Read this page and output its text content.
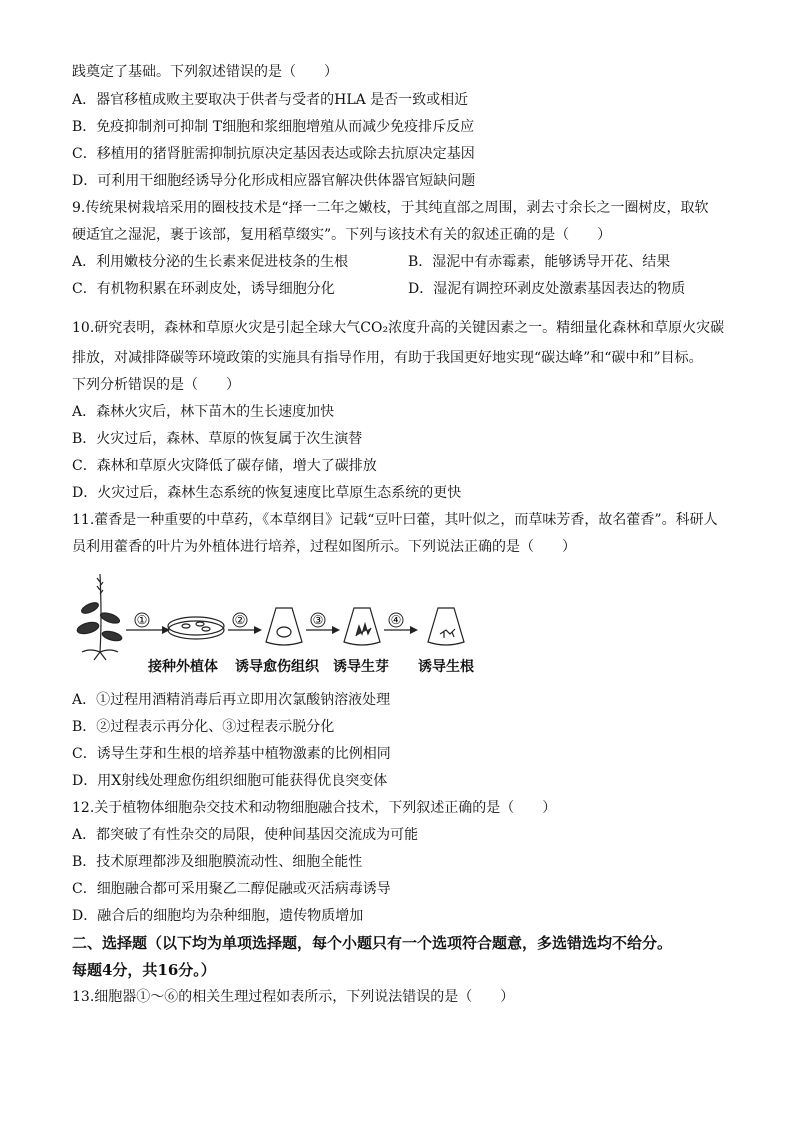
践奠定了基础。下列叙述错误的是（　　）
A．器官移植成败主要取决于供者与受者的HLA 是否一致或相近
B．免疫抑制剂可抑制 T细胞和浆细胞增殖从而减少免疫排斥反应
C．移植用的猪肾脏需抑制抗原决定基因表达或除去抗原决定基因
D．可利用干细胞经诱导分化形成相应器官解决供体器官短缺问题
9.传统果树栽培采用的圈枝技术是“择一二年之嫩枝，于其纯直部之周围，剥去寸余长之一圈树皮，取软
硬适宜之湿泥，裹于该部，复用稻草缀实”。下列与该技术有关的叙述正确的是（　　）
A．利用嫩枝分泌的生长素来促进枝条的生根	B．湿泥中有赤霉素，能够诱导开花、结果
C．有机物积累在环剥皮处，诱导细胞分化	D．湿泥有调控环剥皮处激素基因表达的物质
10.研究表明，森林和草原火灾是引起全球大气CO₂浓度升高的关键因素之一。精细量化森林和草原火灾碳
排放，对减排降碳等环境政策的实施具有指导作用，有助于我国更好地实现“碳达峰”和“碳中和”目标。
下列分析错误的是（　　）
A．森林火灾后，林下苗木的生长速度加快
B．火灾过后，森林、草原的恢复属于次生演替
C．森林和草原火灾降低了碳存储，增大了碳排放
D．火灾过后，森林生态系统的恢复速度比草原生态系统的更快
11.藿香是一种重要的中草药，《本草纲目》记载“豆叶曰藿，其叶似之，而草味芳香，故名藿香”。科研人
员利用藿香的叶片为外植体进行培养，过程如图所示。下列说法正确的是（　　）
①	②	③	④
接种外植体 诱导愈伤组织 诱导生芽 诱导生根
A．①过程用酒精消毒后再立即用次氯酸钠溶液处理
B．②过程表示再分化、③过程表示脱分化
C．诱导生芽和生根的培养基中植物激素的比例相同
D．用X射线处理愈伤组织细胞可能获得优良突变体
12.关于植物体细胞杂交技术和动物细胞融合技术，下列叙述正确的是（　　）
A．都突破了有性杂交的局限，使种间基因交流成为可能
B．技术原理都涉及细胞膜流动性、细胞全能性
C．细胞融合都可采用聚乙二醇促融或灭活病毒诱导
D．融合后的细胞均为杂种细胞，遗传物质增加
二、选择题（以下均为单项选择题，每个小题只有一个选项符合题意，多选错选均不给分。
每题4分，共16分。）
13.细胞器①～⑥的相关生理过程如表所示，下列说法错误的是（　　）
